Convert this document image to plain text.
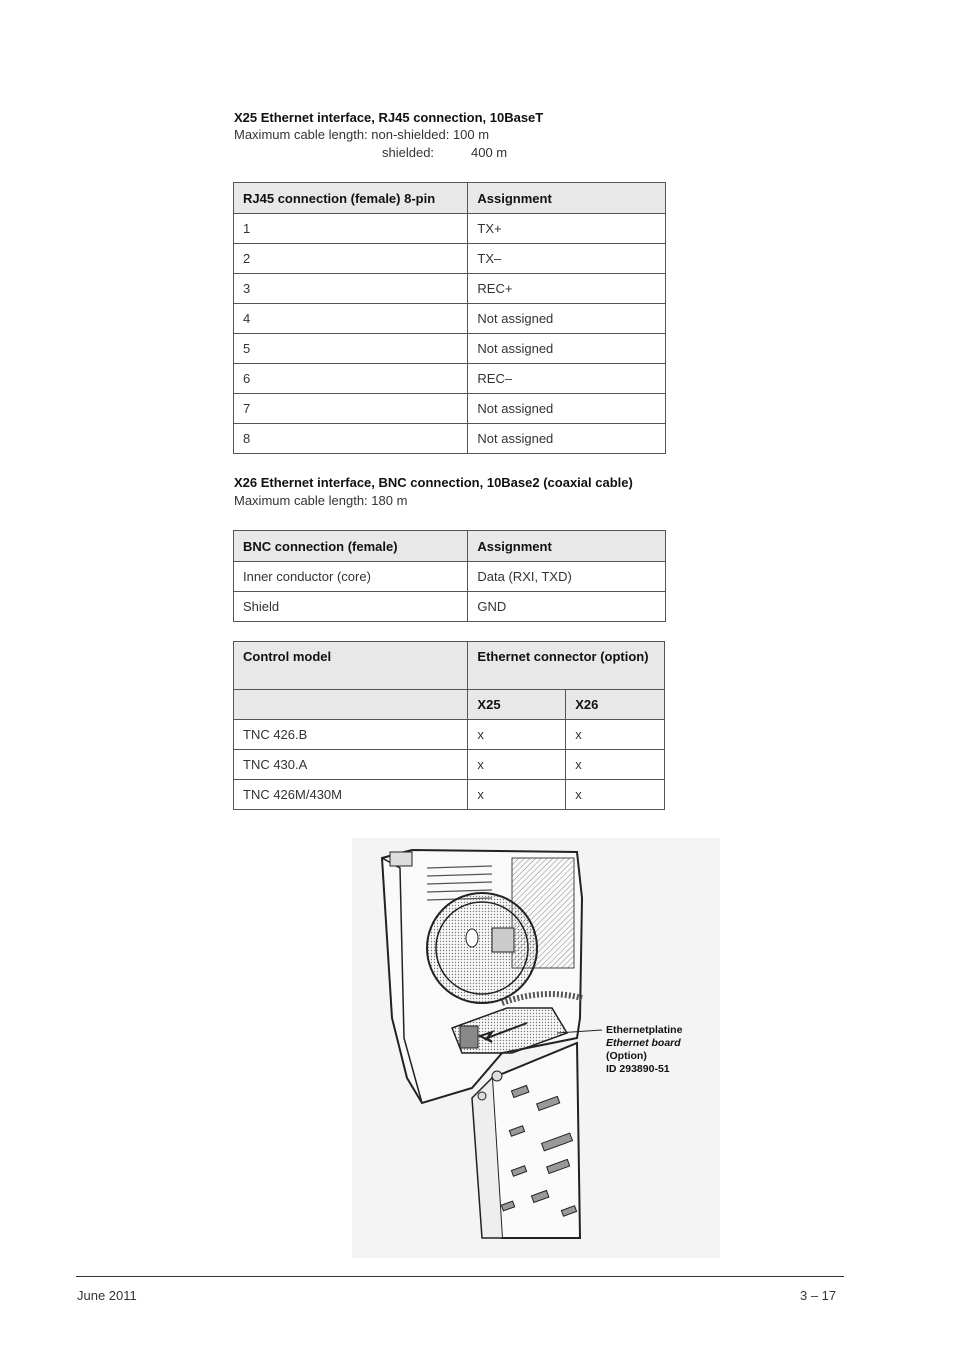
X25 Ethernet interface, RJ45 connection, 10BaseT
Maximum cable length: non-shielded: 100 m
shielded:	400 m
RJ45 connection (female) 8-pin	Assignment
1	TX+
2	TX–
3	REC+
4	Not assigned
5	Not assigned
6	REC–
7	Not assigned
8	Not assigned
X26 Ethernet interface, BNC connection, 10Base2 (coaxial cable)
Maximum cable length: 180 m
BNC connection (female)	Assignment
Inner conductor (core)	Data (RXI, TXD)
Shield	GND
Control model	Ethernet connector (option)	
	X25	X26
TNC 426.B	x	x
TNC 430.A	x	x
TNC 426M/430M	x	x
Ethernetplatine
Ethernet board
(Option)
ID 293890-51
June 2011	3 – 17
